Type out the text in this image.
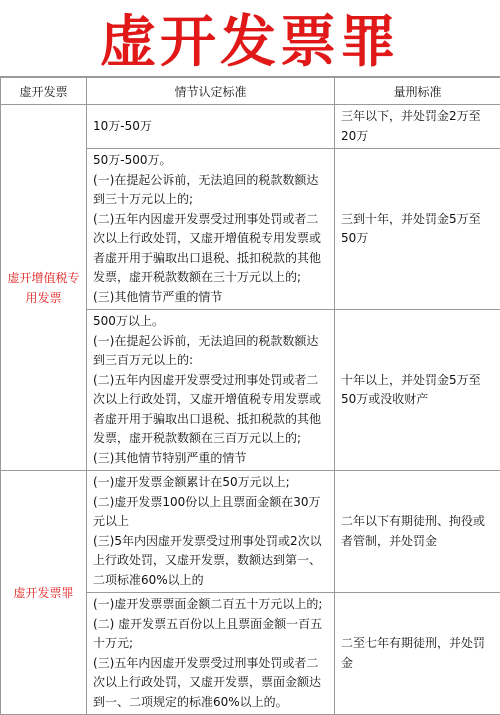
虚开发票罪
虚开发票	情节认定标准	量刑标准
虚开增值税专用发票	10万-50万	三年以下，并处罚金2万至20万

	50万-500万。
(一)在提起公诉前，无法追回的税款数额达到三十万元以上的;
(二)五年内因虚开发票受过刑事处罚或者二次以上行政处罚，又虚开增值税专用发票或者虚开用于骗取出口退税、抵扣税款的其他发票，虚开税款数额在三十万元以上的;
(三)其他情节严重的情节	三到十年，并处罚金5万至50万

	500万以上。
(一)在提起公诉前，无法追回的税款数额达到三百万元以上的:
(二)五年内因虚开发票受过刑事处罚或者二次以上行政处罚，又虚开增值税专用发票或者虚开用于骗取出口退税、抵扣税款的其他发票，虚开税款数额在三百万元以上的;
(三)其他情节特别严重的情节	十年以上，并处罚金5万至50万或没收财产
虚开发票罪	(一)虚开发票金额累计在50万元以上;
(二)虚开发票100份以上且票面金额在30万元以上
(三)5年内因虚开发票受过刑事处罚或2次以上行政处罚，又虚开发票，数额达到第一、二项标准60%以上的	二年以下有期徒刑、拘役或者管制，并处罚金

	(一)虚开发票票面金额二百五十万元以上的;
(二) 虚开发票五百份以上且票面金额一百五十万元;
(三)五年内因虚开发票受过刑事处罚或者二次以上行政处罚，又虚开发票，票面金额达到一、二项规定的标准60%以上的。	二至七年有期徒刑，并处罚金
